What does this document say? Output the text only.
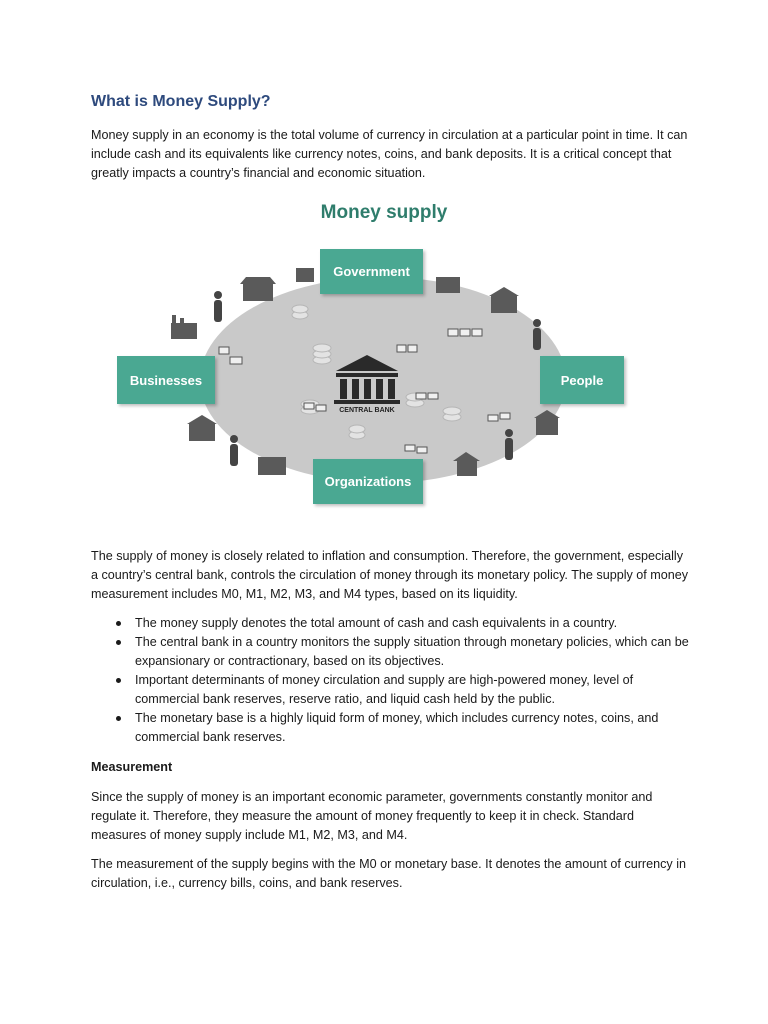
What is Money Supply?

Money supply in an economy is the total volume of currency in circulation at a particular point in time. It can include cash and its equivalents like currency notes, coins, and bank deposits. It is a critical concept that greatly impacts a country’s financial and economic situation.

Money supply
Government
Businesses	People
Organizations
CENTRAL BANK

The supply of money is closely related to inflation and consumption. Therefore, the government, especially a country’s central bank, controls the circulation of money through its monetary policy. The supply of money measurement includes M0, M1, M2, M3, and M4 types, based on its liquidity.

The money supply denotes the total amount of cash and cash equivalents in a country.
The central bank in a country monitors the supply situation through monetary policies, which can be expansionary or contractionary, based on its objectives.
Important determinants of money circulation and supply are high-powered money, level of commercial bank reserves, reserve ratio, and liquid cash held by the public.
The monetary base is a highly liquid form of money, which includes currency notes, coins, and commercial bank reserves.
Measurement

Since the supply of money is an important economic parameter, governments constantly monitor and regulate it. Therefore, they measure the amount of money frequently to keep it in check. Standard measures of money supply include M1, M2, M3, and M4.

The measurement of the supply begins with the M0 or monetary base. It denotes the amount of currency in circulation, i.e., currency bills, coins, and bank reserves.
